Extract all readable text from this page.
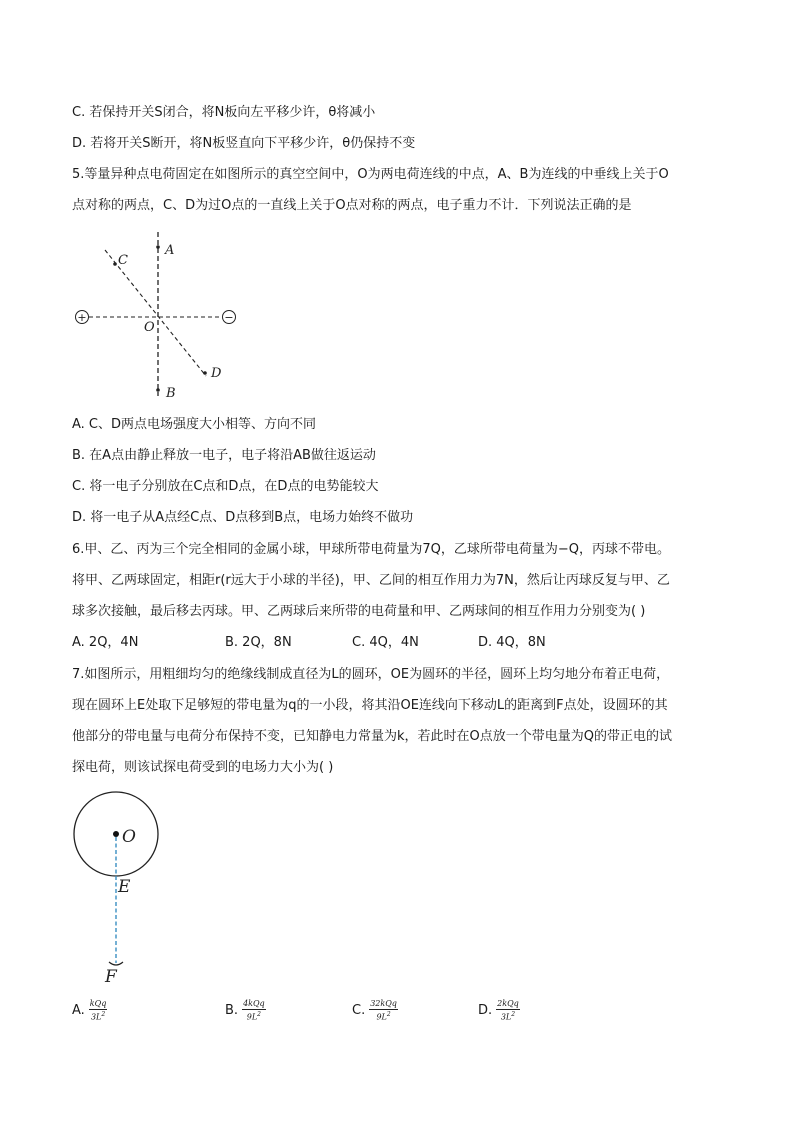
C. 若保持开关S闭合，将N板向左平移少许，θ将减小
D. 若将开关S断开，将N板竖直向下平移少许，θ仍保持不变
5.等量异种点电荷固定在如图所示的真空空间中，O为两电荷连线的中点，A、B为连线的中垂线上关于O
点对称的两点，C、D为过O点的一直线上关于O点对称的两点，电子重力不计．下列说法正确的是
+	−
A
B
C
D
O
A. C、D两点电场强度大小相等、方向不同
B. 在A点由静止释放一电子，电子将沿AB做往返运动
C. 将一电子分别放在C点和D点，在D点的电势能较大
D. 将一电子从A点经C点、D点移到B点，电场力始终不做功
6.甲、乙、丙为三个完全相同的金属小球，甲球所带电荷量为7Q，乙球所带电荷量为−Q，丙球不带电。
将甲、乙两球固定，相距r(r远大于小球的半径)，甲、乙间的相互作用力为7N，然后让丙球反复与甲、乙
球多次接触，最后移去丙球。甲、乙两球后来所带的电荷量和甲、乙两球间的相互作用力分别变为( )
A. 2Q，4N	B. 2Q，8N	C. 4Q，4N	D. 4Q，8N
7.如图所示，用粗细均匀的绝缘线制成直径为L的圆环，OE为圆环的半径，圆环上均匀地分布着正电荷，
现在圆环上E处取下足够短的带电量为q的一小段，将其沿OE连线向下移动L的距离到F点处，设圆环的其
他部分的带电量与电荷分布保持不变，已知静电力常量为k，若此时在O点放一个带电量为Q的带正电的试
探电荷，则该试探电荷受到的电场力大小为( )
O
E
F
A. $\frac{\text{kQq}}{3L^2}$	B. $\frac{\text{4kQq}}{9L^2}$	C. $\frac{\text{32kQq}}{9L^2}$	D. $\frac{\text{2kQq}}{3L^2}$
